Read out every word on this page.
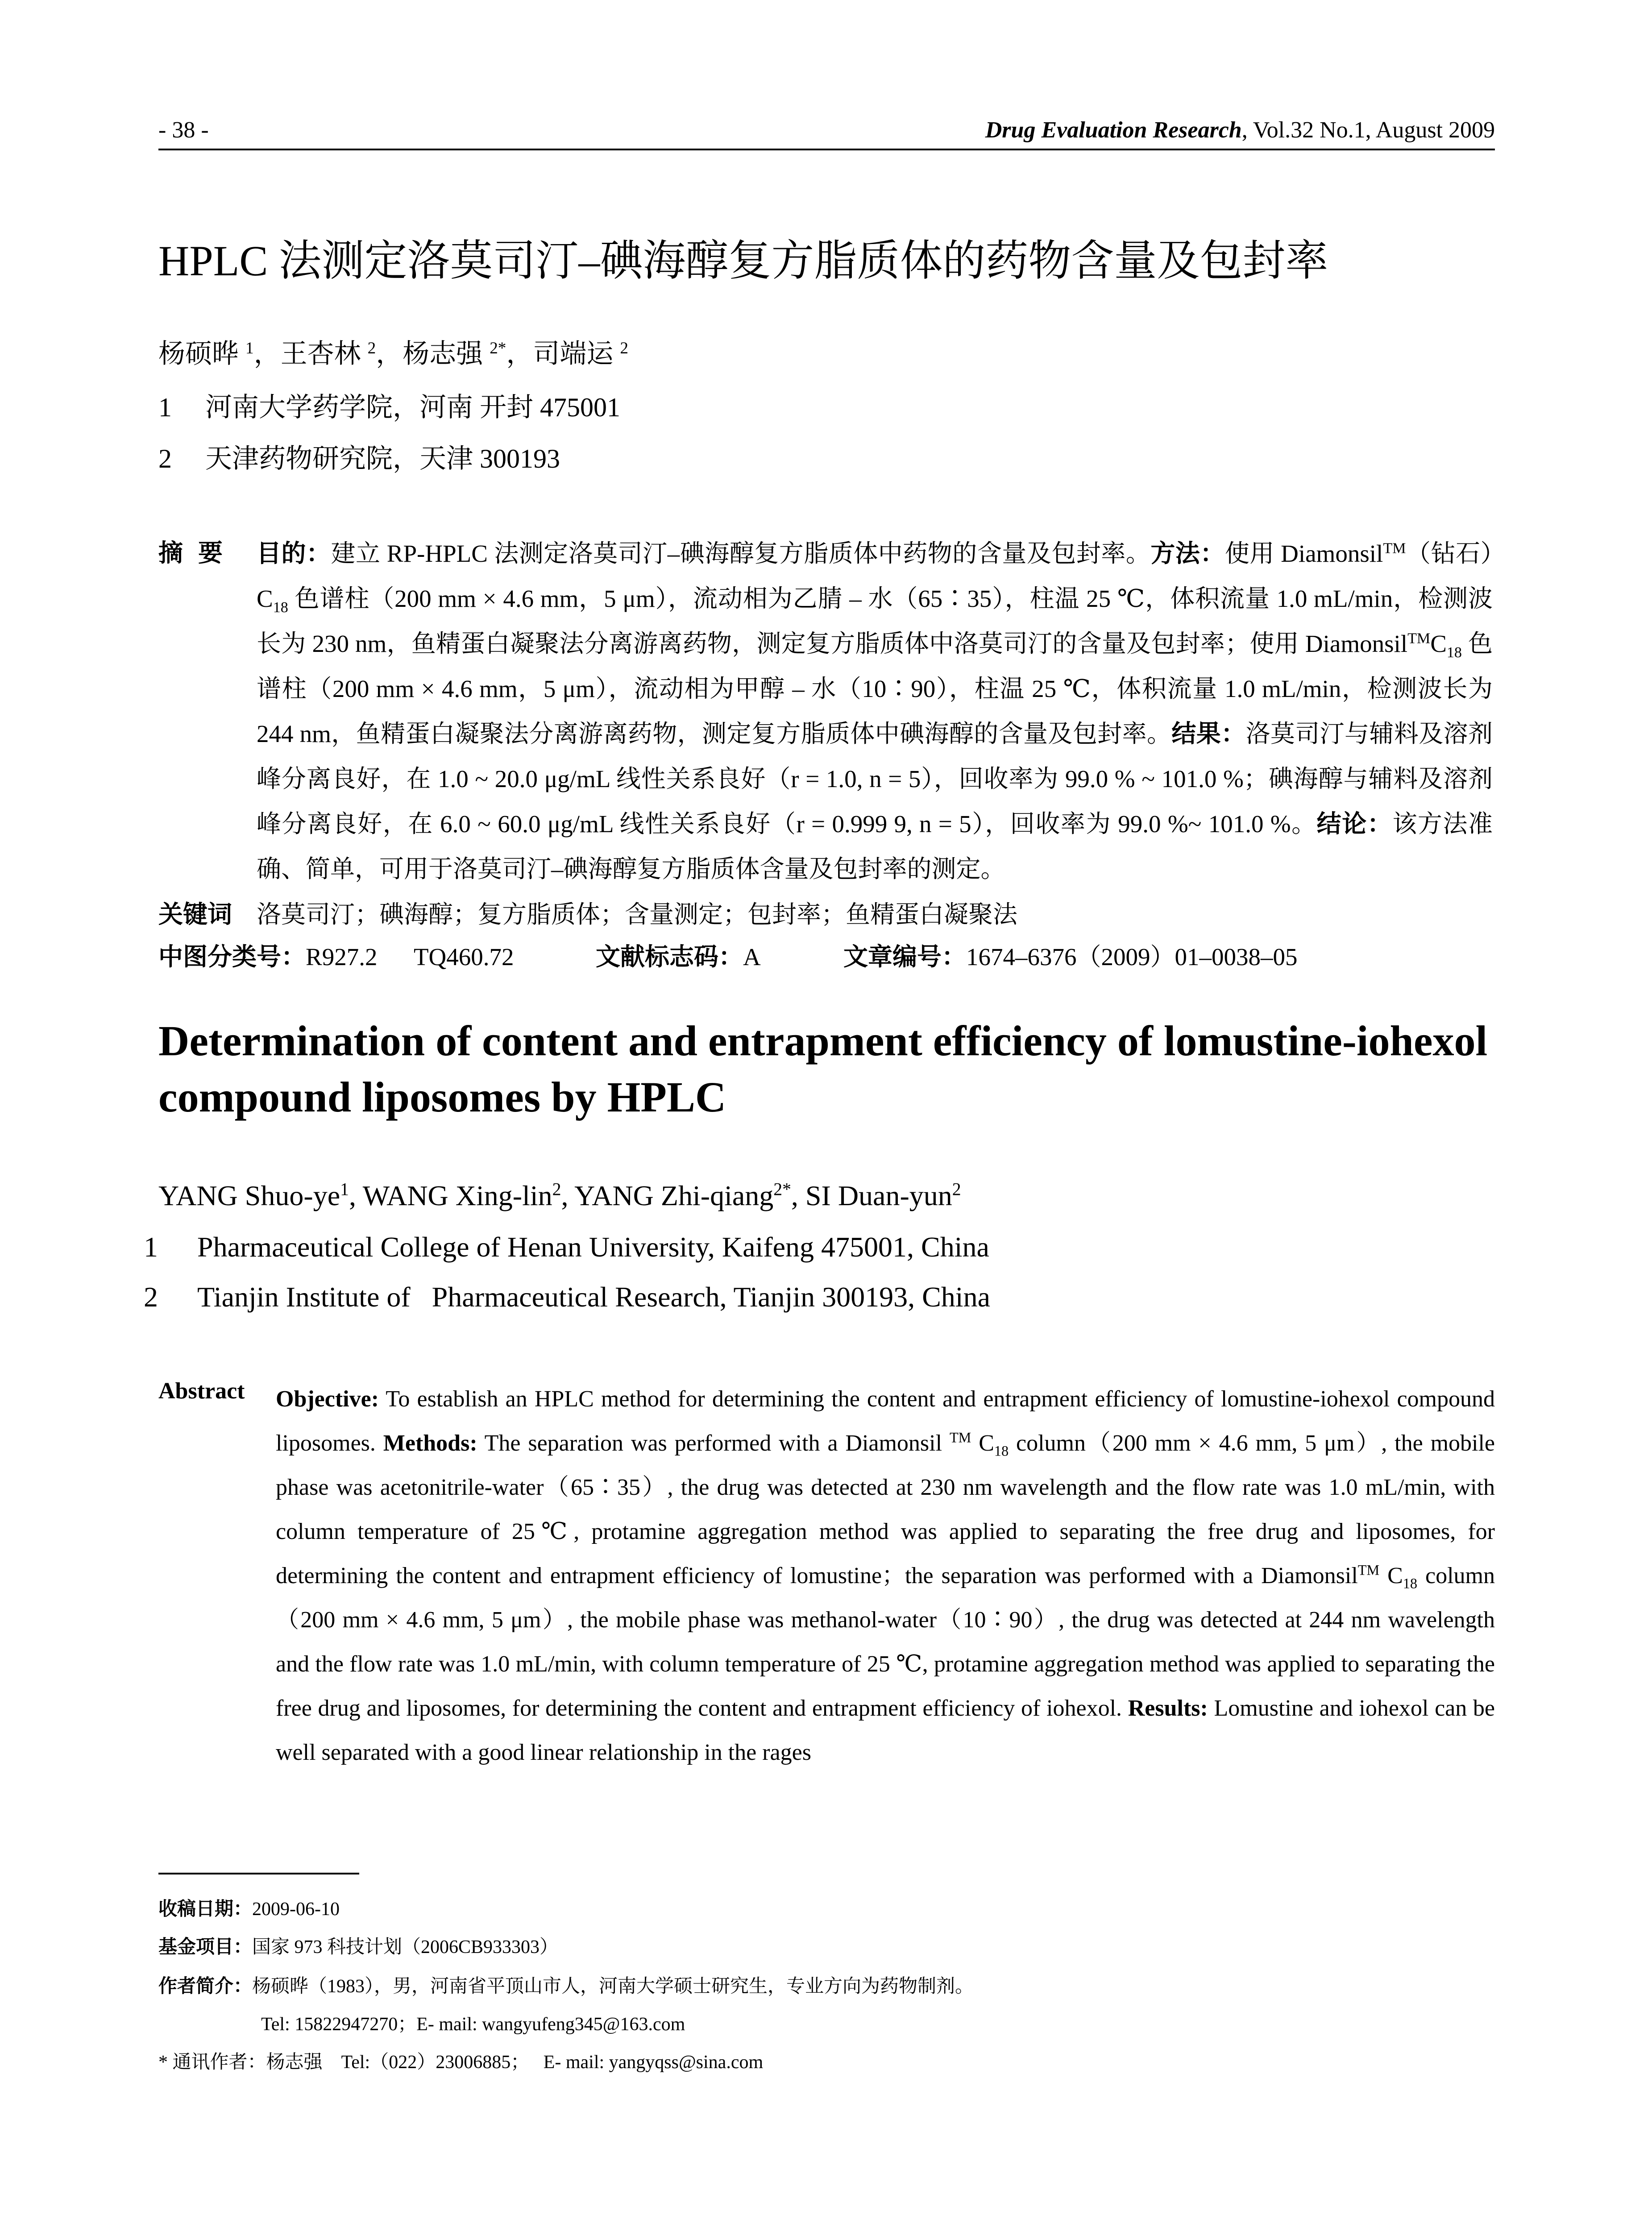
- 38 -	Drug Evaluation Research, Vol.32 No.1, August 2009
HPLC 法测定洛莫司汀–碘海醇复方脂质体的药物含量及包封率
杨硕晔 $^1$，王杏林 $^2$，杨志强 $^{2*}$，司端运 $^2$
1 河南大学药学院，河南 开封 475001
2 天津药物研究院，天津 300193
摘要 目的：建立 RP-HPLC 法测定洛莫司汀–碘海醇复方脂质体中药物的含量及包封率。方法：使用 Diamonsil™（钻石）$C_{18}$ 色谱柱（200 mm × 4.6 mm，5 μm），流动相为乙腈 – 水（65∶35），柱温 25 ℃，体积流量 1.0 mL/min，检测波长为 230 nm，鱼精蛋白凝聚法分离游离药物，测定复方脂质体中洛莫司汀的含量及包封率；使用 $Diamonsil™C_{18}$ 色谱柱（200 mm × 4.6 mm，5 μm），流动相为甲醇 – 水（10∶90），柱温 25 ℃，体积流量 1.0 mL/min，检测波长为 244 nm，鱼精蛋白凝聚法分离游离药物，测定复方脂质体中碘海醇的含量及包封率。结果：洛莫司汀与辅料及溶剂峰分离良好，在 1.0 ~ 20.0 μg/mL 线性关系良好（r = 1.0, n = 5），回收率为 99.0 % ~ 101.0 %；碘海醇与辅料及溶剂峰分离良好，在 6.0 ~ 60.0 μg/mL 线性关系良好（r = 0.999 9, n = 5），回收率为 99.0 %~ 101.0 %。结论：该方法准确、简单，可用于洛莫司汀–碘海醇复方脂质体含量及包封率的测定。
关键词 洛莫司汀；碘海醇；复方脂质体；含量测定；包封率；鱼精蛋白凝聚法
中图分类号：R927.2      TQ460.72	文献标志码：A	文章编号：1674–6376（2009）01–0038–05
Determination of content and entrapment efficiency of lomustine-iohexol compound liposomes by HPLC
YANG Shuo-$ye^1$, WANG Xing-lin$^2$, YANG Zhi-qiang$^{2*}$, SI Duan-yun$^2$
1 Pharmaceutical College of Henan University, Kaifeng 475001, China
2 Tianjin Institute of   Pharmaceutical Research, Tianjin 300193, China
Abstract Objective: To establish an HPLC method for determining the content and entrapment efficiency of lomustine-iohexol compound liposomes. Methods: The separation was performed with a Diamonsil ™ $C_{18}$ column（200 mm × 4.6 mm, 5 μm）, the mobile phase was acetonitrile-water（65∶35）, the drug was detected at 230 nm wavelength and the flow rate was 1.0 mL/min, with column temperature of 25℃, protamine aggregation method was applied to separating the free drug and liposomes, for determining the content and entrapment efficiency of lomustine；the separation was performed with a Diamonsil™ $C_{18}$ column（200 mm × 4.6 mm, 5 μm）, the mobile phase was methanol-water（10∶90）, the drug was detected at 244 nm wavelength and the flow rate was 1.0 mL/min, with column temperature of 25 ℃, protamine aggregation method was applied to separating the free drug and liposomes, for determining the content and entrapment efficiency of iohexol. Results: Lomustine and iohexol can be well separated with a good linear relationship in the rages
收稿日期：2009-06-10
基金项目：国家 973 科技计划（2006CB933303）
作者简介：杨硕晔（1983），男，河南省平顶山市人，河南大学硕士研究生，专业方向为药物制剂。
Tel: 15822947270；E- mail: wangyufeng345@163.com
* 通讯作者：杨志强    Tel:（022）23006885；   E- mail: yangyqss@sina.com
